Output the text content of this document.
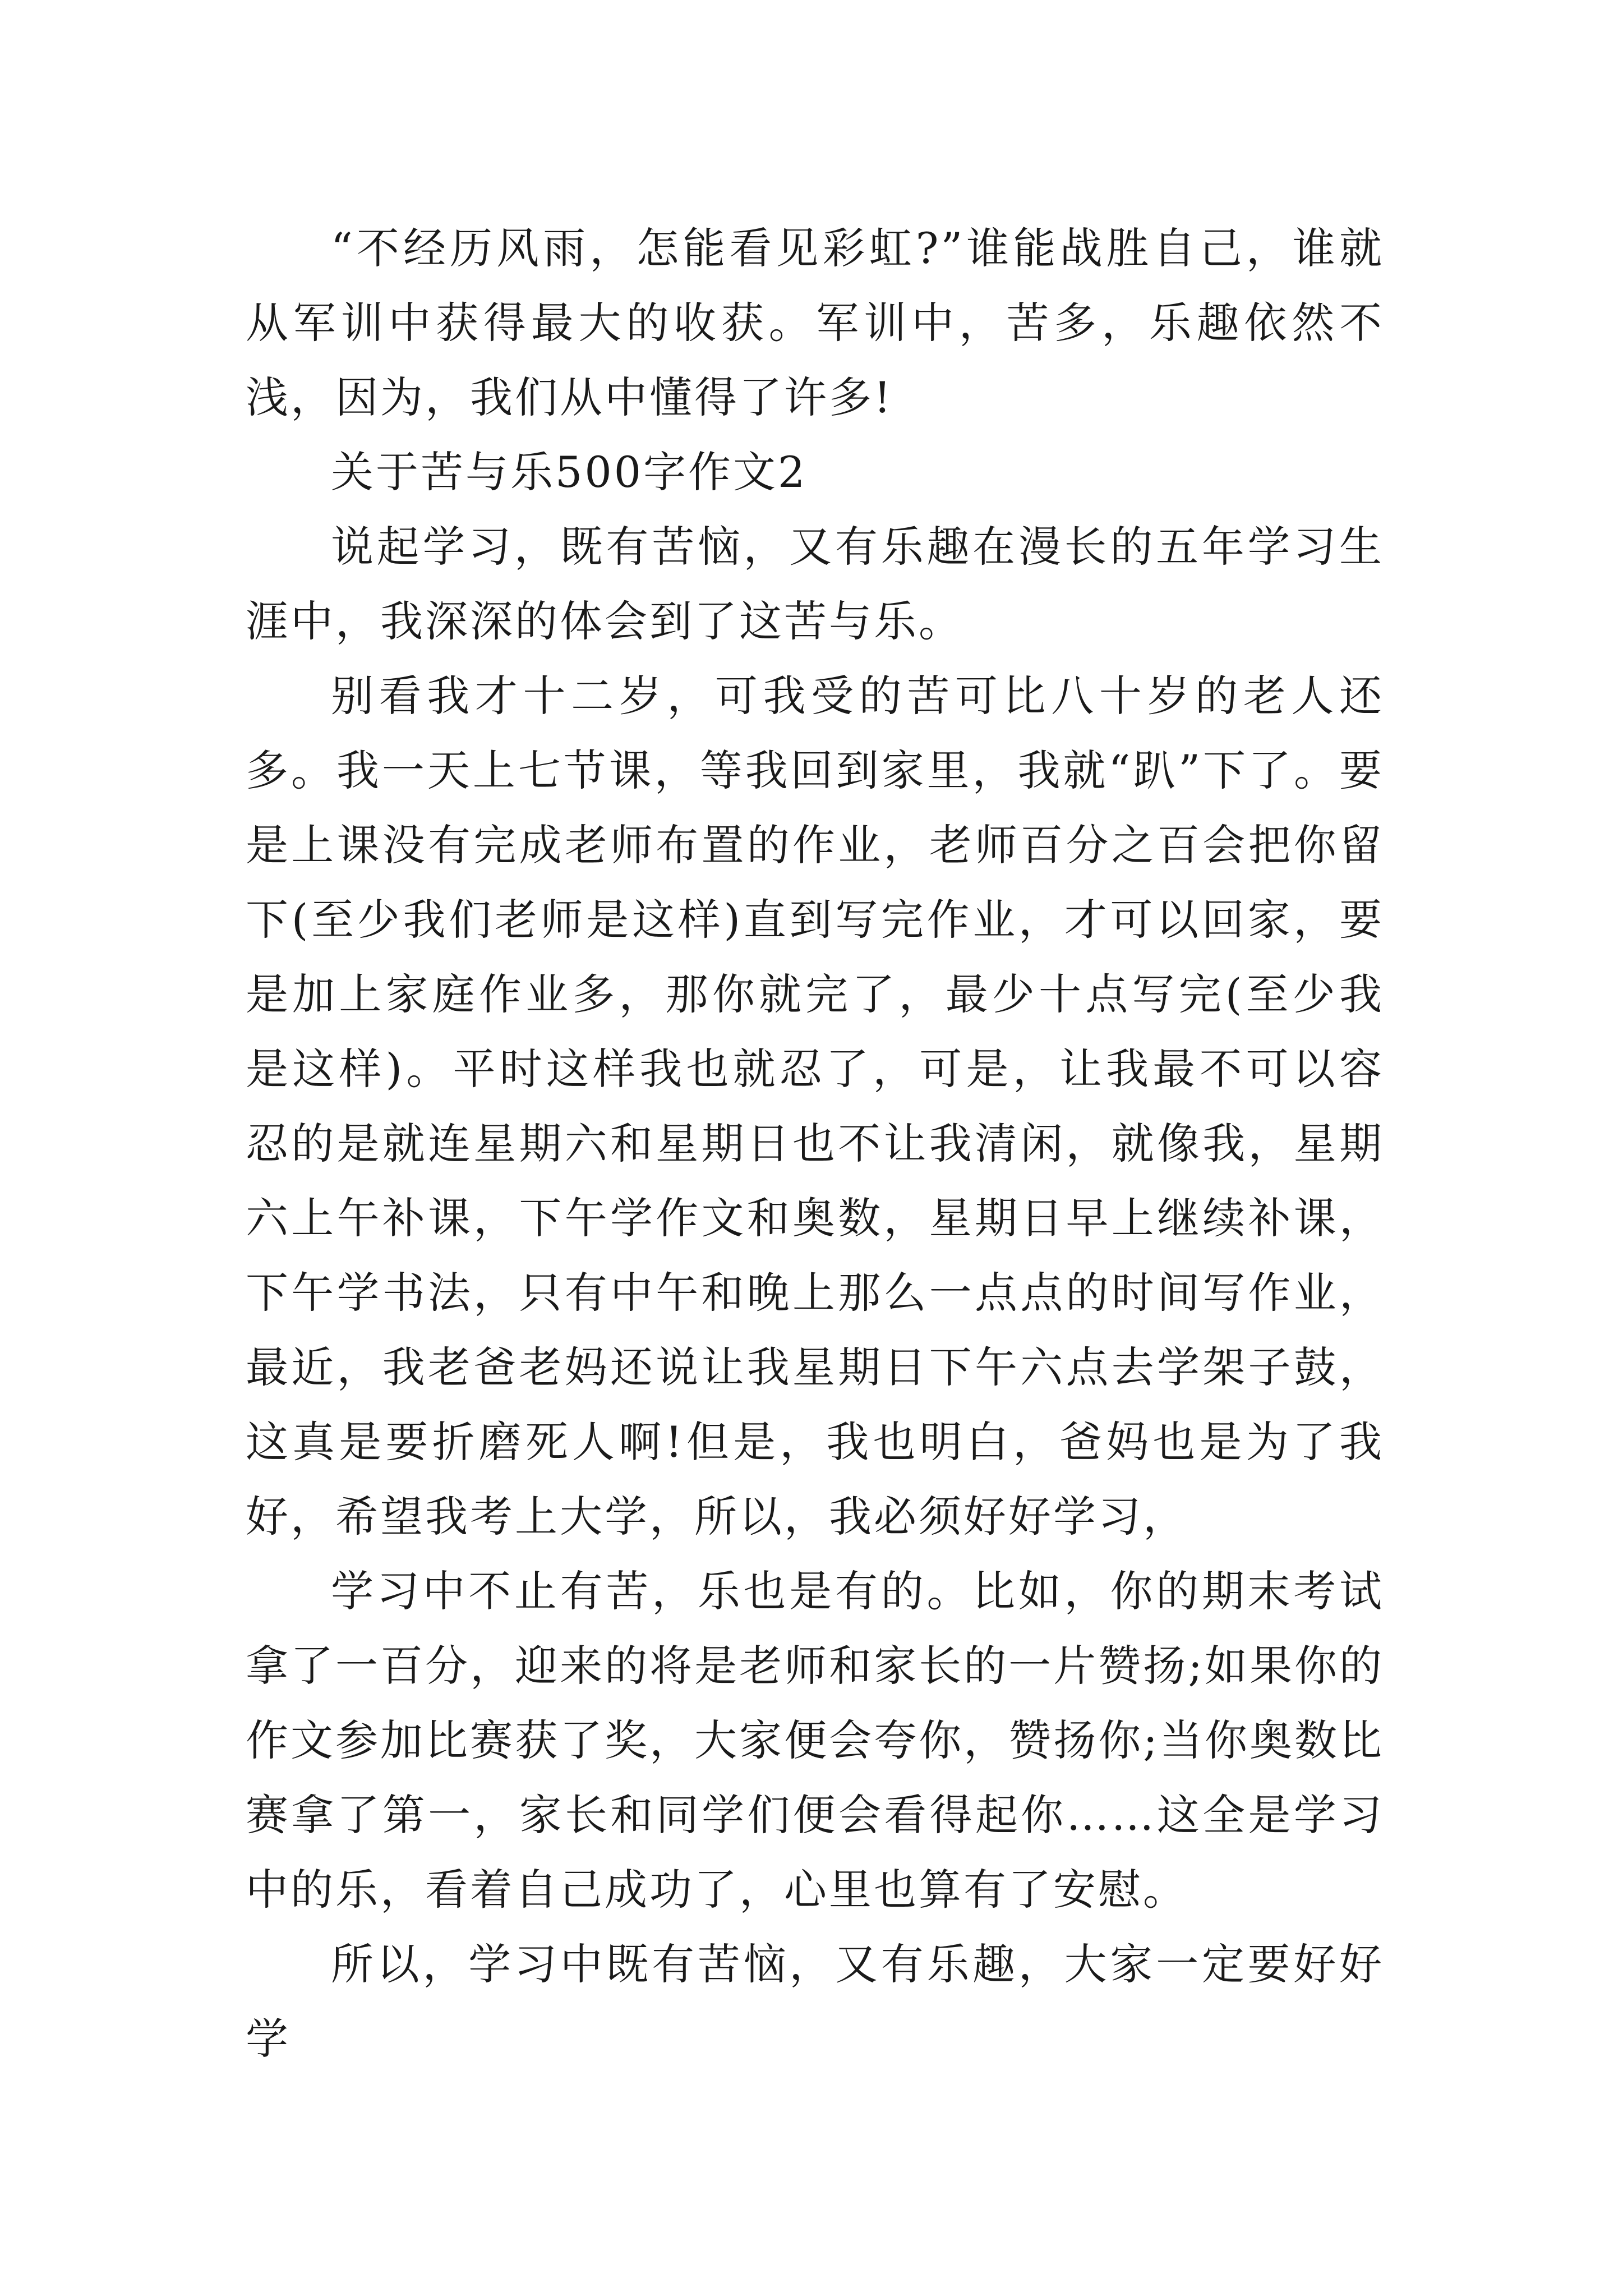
“不经历风雨，怎能看见彩虹?”谁能战胜自己，谁就从军训中获得最大的收获。军训中，苦多，乐趣依然不浅，因为，我们从中懂得了许多!

关于苦与乐500字作文2

说起学习，既有苦恼，又有乐趣在漫长的五年学习生涯中，我深深的体会到了这苦与乐。

别看我才十二岁，可我受的苦可比八十岁的老人还多。我一天上七节课，等我回到家里，我就“趴”下了。要是上课没有完成老师布置的作业，老师百分之百会把你留下(至少我们老师是这样)直到写完作业，才可以回家，要是加上家庭作业多，那你就完了，最少十点写完(至少我是这样)。平时这样我也就忍了，可是，让我最不可以容忍的是就连星期六和星期日也不让我清闲，就像我，星期六上午补课，下午学作文和奥数，星期日早上继续补课，下午学书法，只有中午和晚上那么一点点的时间写作业，最近，我老爸老妈还说让我星期日下午六点去学架子鼓，这真是要折磨死人啊!但是，我也明白，爸妈也是为了我好，希望我考上大学，所以，我必须好好学习，

学习中不止有苦，乐也是有的。比如，你的期末考试拿了一百分，迎来的将是老师和家长的一片赞扬;如果你的作文参加比赛获了奖，大家便会夸你，赞扬你;当你奥数比赛拿了第一，家长和同学们便会看得起你……这全是学习中的乐，看着自己成功了，心里也算有了安慰。

所以，学习中既有苦恼，又有乐趣，大家一定要好好学
